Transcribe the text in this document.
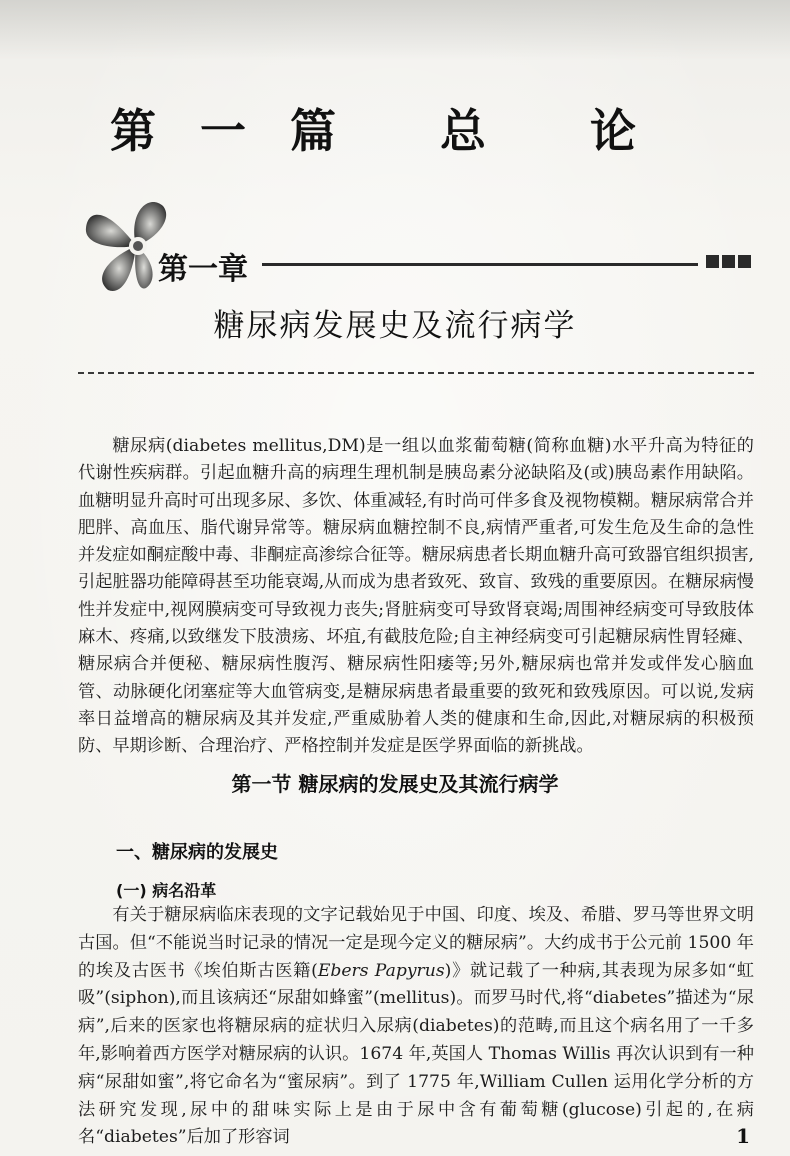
第一篇 总 论
第一章
糖尿病发展史及流行病学

糖尿病(diabetes mellitus,DM)是一组以血浆葡萄糖(简称血糖)水平升高为特征的代谢性疾病群。引起血糖升高的病理生理机制是胰岛素分泌缺陷及(或)胰岛素作用缺陷。血糖明显升高时可出现多尿、多饮、体重减轻,有时尚可伴多食及视物模糊。糖尿病常合并肥胖、高血压、脂代谢异常等。糖尿病血糖控制不良,病情严重者,可发生危及生命的急性并发症如酮症酸中毒、非酮症高渗综合征等。糖尿病患者长期血糖升高可致器官组织损害,引起脏器功能障碍甚至功能衰竭,从而成为患者致死、致盲、致残的重要原因。在糖尿病慢性并发症中,视网膜病变可导致视力丧失;肾脏病变可导致肾衰竭;周围神经病变可导致肢体麻木、疼痛,以致继发下肢溃疡、坏疽,有截肢危险;自主神经病变可引起糖尿病性胃轻瘫、糖尿病合并便秘、糖尿病性腹泻、糖尿病性阳痿等;另外,糖尿病也常并发或伴发心脑血管、动脉硬化闭塞症等大血管病变,是糖尿病患者最重要的致死和致残原因。可以说,发病率日益增高的糖尿病及其并发症,严重威胁着人类的健康和生命,因此,对糖尿病的积极预防、早期诊断、合理治疗、严格控制并发症是医学界面临的新挑战。

第一节 糖尿病的发展史及其流行病学
一、糖尿病的发展史
(一) 病名沿革

有关于糖尿病临床表现的文字记载始见于中国、印度、埃及、希腊、罗马等世界文明古国。但“不能说当时记录的情况一定是现今定义的糖尿病”。大约成书于公元前 1500 年的埃及古医书《埃伯斯古医籍(Ebers Papyrus)》就记载了一种病,其表现为尿多如“虹吸”(siphon),而且该病还“尿甜如蜂蜜”(mellitus)。而罗马时代,将“diabetes”描述为“尿病”,后来的医家也将糖尿病的症状归入尿病(diabetes)的范畴,而且这个病名用了一千多年,影响着西方医学对糖尿病的认识。1674 年,英国人 Thomas Willis 再次认识到有一种病“尿甜如蜜”,将它命名为“蜜尿病”。到了 1775 年,William Cullen 运用化学分析的方法研究发现,尿中的甜味实际上是由于尿中含有葡萄糖(glucose)引起的,在病名“diabetes”后加了形容词	1
